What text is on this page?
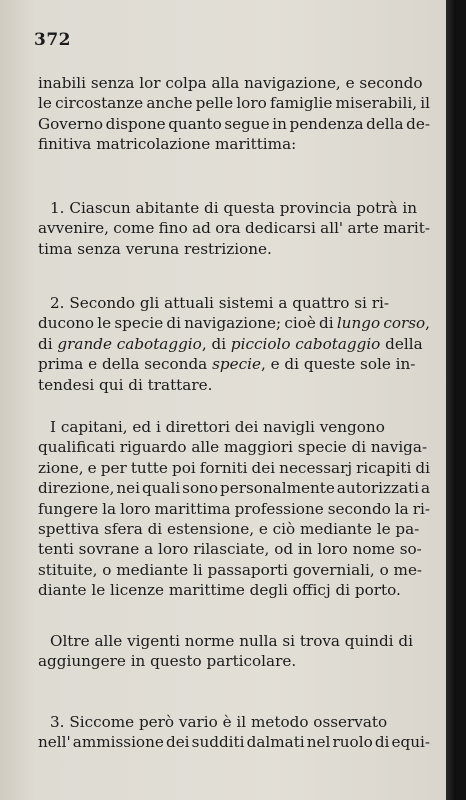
372
inabili senza lor colpa alla navigazione, e secondo
le circostanze anche pelle loro famiglie miserabili, il
Governo dispone quanto segue in pendenza della de-
finitiva matricolazione marittima:
1. Ciascun abitante di questa provincia potrà in
avvenire, come fino ad ora dedicarsi all' arte marit-
tima senza veruna restrizione.
2. Secondo gli attuali sistemi a quattro si ri-
ducono le specie di navigazione; cioè di lungo corso,
di grande cabotaggio, di picciolo cabotaggio della
prima e della seconda specie, e di queste sole in-
tendesi qui di trattare.
I capitani, ed i direttori dei navigli vengono
qualificati riguardo alle maggiori specie di naviga-
zione, e per tutte poi forniti dei necessarj ricapiti di
direzione, nei quali sono personalmente autorizzati a
fungere la loro marittima professione secondo la ri-
spettiva sfera di estensione, e ciò mediante le pa-
tenti sovrane a loro rilasciate, od in loro nome so-
stituite, o mediante li passaporti governiali, o me-
diante le licenze marittime degli officj di porto.
Oltre alle vigenti norme nulla si trova quindi di
aggiungere in questo particolare.
3. Siccome però vario è il metodo osservato
nell' ammissione dei sudditi dalmati nel ruolo di equi-
